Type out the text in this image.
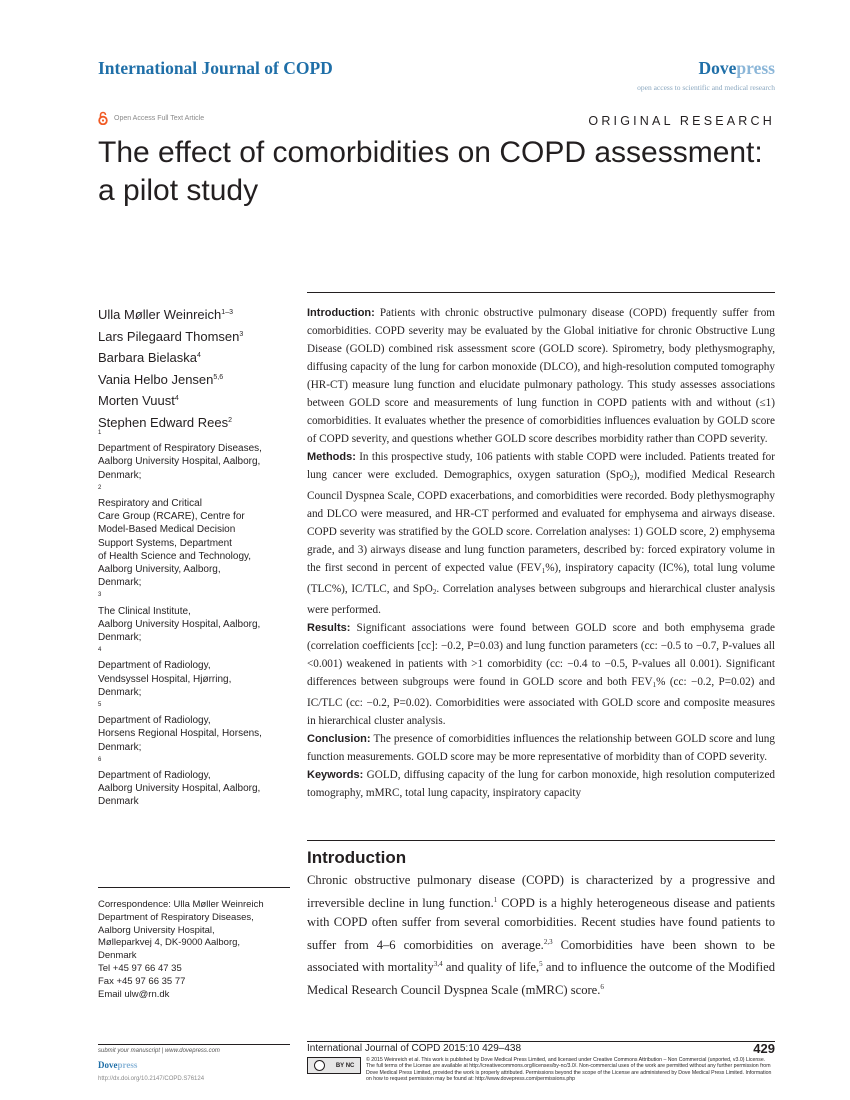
International Journal of COPD	Dovepress
open access to scientific and medical research
Open Access Full Text Article	ORIGINAL RESEARCH
The effect of comorbidities on COPD assessment:
a pilot study
Ulla Møller Weinreich$^{1-3}$
Lars Pilegaard Thomsen$^3$
Barbara Bielaska$^4$
Vania Helbo Jensen$^{5,6}$
Morten Vuust$^4$
Stephen Edward Rees$^2$
$^1$
Department of Respiratory Diseases,
Aalborg University Hospital, Aalborg,
Denmark;
$^2$
Respiratory and Critical
Care Group (RCARE), Centre for
Model-Based Medical Decision
Support Systems, Department
of Health Science and Technology,
Aalborg University, Aalborg,
Denmark;
$^3$
The Clinical Institute,
Aalborg University Hospital, Aalborg,
Denmark;
$^4$
Department of Radiology,
Vendsyssel Hospital, Hjørring,
Denmark;
$^5$
Department of Radiology,
Horsens Regional Hospital, Horsens,
Denmark;
$^6$
Department of Radiology,
Aalborg University Hospital, Aalborg,
Denmark
Correspondence: Ulla Møller Weinreich
Department of Respiratory Diseases,
Aalborg University Hospital,
Mølleparkvej 4, DK-9000 Aalborg,
Denmark
Tel +45 97 66 47 35
Fax +45 97 66 35 77
Email ulw@rn.dk

Introduction: Patients with chronic obstructive pulmonary disease (COPD) frequently suffer from comorbidities. COPD severity may be evaluated by the Global initiative for chronic Obstructive Lung Disease (GOLD) combined risk assessment score (GOLD score). Spirometry, body plethysmography, diffusing capacity of the lung for carbon monoxide (DLCO), and high-resolution computed tomography (HR-CT) measure lung function and elucidate pulmonary pathology. This study assesses associations between GOLD score and measurements of lung function in COPD patients with and without (≤1) comorbidities. It evaluates whether the presence of comorbidities influences evaluation by GOLD score of COPD severity, and questions whether GOLD score describes morbidity rather than COPD severity.

Methods: In this prospective study, 106 patients with stable COPD were included. Patients treated for lung cancer were excluded. Demographics, oxygen saturation (SpO$_2$), modified Medical Research Council Dyspnea Scale, COPD exacerbations, and comorbidities were recorded. Body plethysmography and DLCO were measured, and HR-CT performed and evaluated for emphysema and airways disease. COPD severity was stratified by the GOLD score. Correlation analyses: 1) GOLD score, 2) emphysema grade, and 3) airways disease and lung function parameters, described by: forced expiratory volume in the first second in percent of expected value $(FEV_1\%)$, inspiratory capacity (IC%), total lung volume (TLC%), IC/TLC, and SpO$_2$. Correlation analyses between subgroups and hierarchical cluster analysis were performed.

Results: Significant associations were found between GOLD score and both emphysema grade (correlation coefficients [cc]: −0.2, P=0.03) and lung function parameters (cc: −0.5 to −0.7, P-values all <0.001) weakened in patients with >1 comorbidity (cc: −0.4 to −0.5, P-values all 0.001). Significant differences between subgroups were found in GOLD score and both $FEV_1\%$ (cc: −0.2, P=0.02) and IC/TLC (cc: −0.2, P=0.02). Comorbidities were associated with GOLD score and composite measures in hierarchical cluster analysis.

Conclusion: The presence of comorbidities influences the relationship between GOLD score and lung function measurements. GOLD score may be more representative of morbidity than of COPD severity.

Keywords: GOLD, diffusing capacity of the lung for carbon monoxide, high resolution computerized tomography, mMRC, total lung capacity, inspiratory capacity

Introduction
Chronic obstructive pulmonary disease (COPD) is characterized by a progressive and irreversible decline in lung function.$^1$ COPD is a highly heterogeneous disease and patients with COPD often suffer from several comorbidities. Recent studies have found patients to suffer from 4–6 comorbidities on average.$^{2,3}$ Comorbidities have been shown to be associated with mortality$^{3,4}$ and quality of life,$^5$ and to influence the outcome of the Modified Medical Research Council Dyspnea Scale (mMRC) score.$^6$
submit your manuscript | www.dovepress.com
Dovepress
http://dx.doi.org/10.2147/COPD.S76124
International Journal of COPD 2015:10 429–438	429
BY NC
© 2015 Weinreich et al. This work is published by Dove Medical Press Limited, and licensed under Creative Commons Attribution – Non Commercial (unported, v3.0) License. The full terms of the License are available at http://creativecommons.org/licenses/by-nc/3.0/. Non-commercial uses of the work are permitted without any further permission from Dove Medical Press Limited, provided the work is properly attributed. Permissions beyond the scope of the License are administered by Dove Medical Press Limited. Information on how to request permission may be found at: http://www.dovepress.com/permissions.php
